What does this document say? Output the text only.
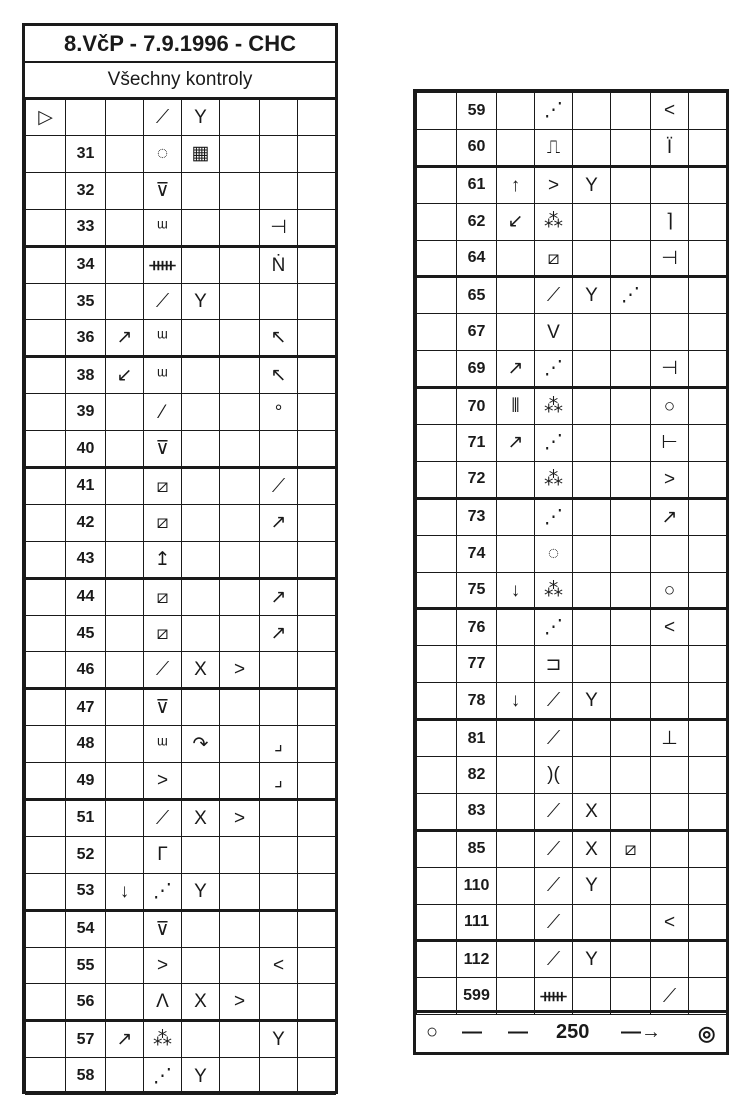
8.VčP - 7.9.1996 - CHC
Všechny kontroly
▷			⟋	Y			
	31		◌	▦			
	32		⊽				
	33		ᵚ			⊣	
	34		ᚔ			Ṅ	
	35		⟋	Y			
	36	↗	ᵚ			↖	
	38	↙	ᵚ			↖	
	39		⁄			°	
	40		⊽				
	41		⧄			⟋	
	42		⧄			↗	
	43		↥				
	44		⧄			↗	
	45		⧄			↗	
	46		⟋	X	>		
	47		⊽				
	48		ᵚ	↷		⌟	
	49		>			⌟	
	51		⟋	X	>		
	52		Γ				
	53	↓	⋰	Y			
	54		⊽				
	55		>			<	
	56		Λ	X	>		
	57	↗	⁂			Y	
	58		⋰	Y			
	59		⋰			<	
	60		⎍			Ï	
	61	↑	>	Y			
	62	↙	⁂			⌉	
	64		⧄			⊣	
	65		⟋	Y	⋰		
	67		V				
	69	↗	⋰			⊣	
	70	⫴	⁂			○	
	71	↗	⋰			⊢	
	72		⁂			>	
	73		⋰			↗	
	74		◌				
	75	↓	⁂			○	
	76		⋰			<	
	77		⊐				
	78	↓	⟋	Y			
	81		⟋			⊥	
	82		)(				
	83		⟋	X			
	85		⟋	X	⧄		
	110		⟋	Y			
	111		⟋			<	
	112		⟋	Y			
	599		ᚔ			⟋	
○ — — 250 —→ ◎
